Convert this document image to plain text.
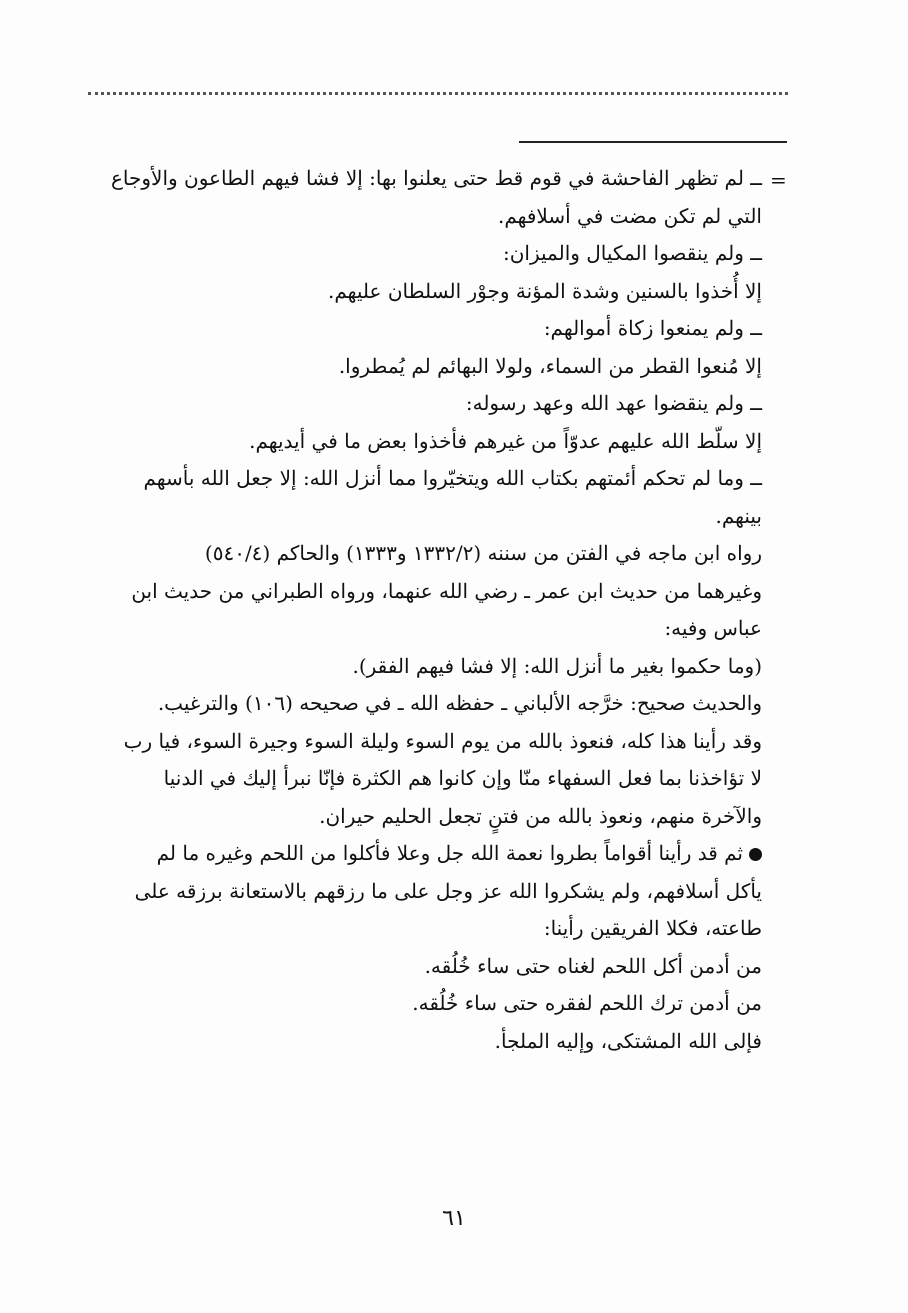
=
ــ لم تظهر الفاحشة في قوم قط حتى يعلنوا بها: إلا فشا فيهم الطاعون والأوجاع
التي لم تكن مضت في أسلافهم.
ــ ولم ينقصوا المكيال والميزان:
إلا أُخذوا بالسنين وشدة المؤنة وجوْر السلطان عليهم.
ــ ولم يمنعوا زكاة أموالهم:
إلا مُنعوا القطر من السماء، ولولا البهائم لم يُمطروا.
ــ ولم ينقضوا عهد الله وعهد رسوله:
إلا سلّط الله عليهم عدوّاً من غيرهم فأخذوا بعض ما في أيديهم.
ــ وما لم تحكم أئمتهم بكتاب الله ويتخيّروا مما أنزل الله: إلا جعل الله بأسهم
بينهم.
رواه ابن ماجه في الفتن من سننه (١٣٣٢/٢ و١٣٣٣) والحاكم (٥٤٠/٤)
وغيرهما من حديث ابن عمر ـ رضي الله عنهما، ورواه الطبراني من حديث ابن
عباس وفيه:
(وما حكموا بغير ما أنزل الله: إلا فشا فيهم الفقر).
والحديث صحيح: خرَّجه الألباني ـ حفظه الله ـ في صحيحه (١٠٦) والترغيب.
وقد رأينا هذا كله، فنعوذ بالله من يوم السوء وليلة السوء وجيرة السوء، فيا رب
لا تؤاخذنا بما فعل السفهاء منّا وإن كانوا هم الكثرة فإنّا نبرأ إليك في الدنيا
والآخرة منهم، ونعوذ بالله من فتنٍ تجعل الحليم حيران.
ثم قد رأينا أقواماً بطروا نعمة الله جل وعلا فأكلوا من اللحم وغيره ما لم
يأكل أسلافهم، ولم يشكروا الله عز وجل على ما رزقهم بالاستعانة برزقه على
طاعته، فكلا الفريقين رأينا:
من أدمن أكل اللحم لغناه حتى ساء خُلُقه.
من أدمن ترك اللحم لفقره حتى ساء خُلُقه.
فإلى الله المشتكى، وإليه الملجأ.
٦١
